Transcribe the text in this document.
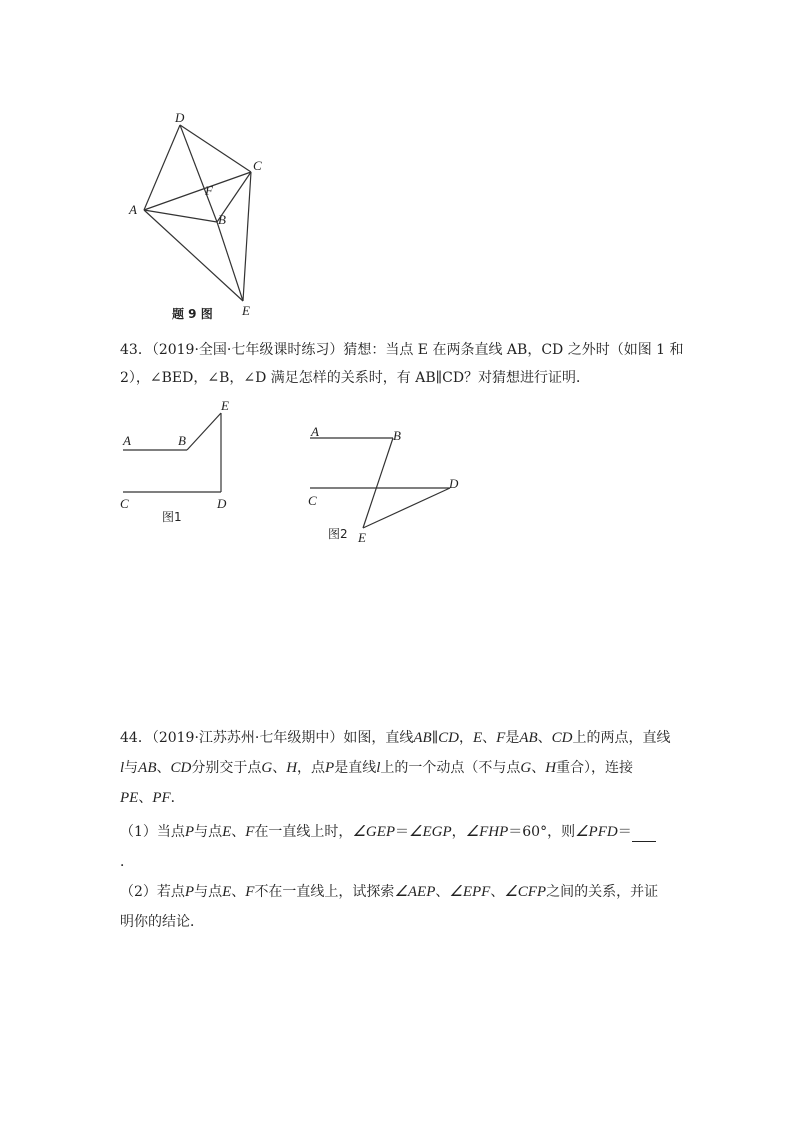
D
C
F
A
B
E
题 9 图
43．（2019·全国·七年级课时练习）猜想：当点 E 在两条直线 AB，CD 之外时（如图 1 和
2），∠BED，∠B，∠D 满足怎样的关系时，有 AB∥CD？对猜想进行证明．
A	B
E
C	D
图1
A	B
C
D
E
图2
44．（2019·江苏苏州·七年级期中）如图，直线AB∥CD，E、F是AB、CD上的两点，直线
l与AB、CD分别交于点G、H，点P是直线l上的一个动点（不与点G、H重合），连接
PE、PF．
（1）当点P与点E、F在一直线上时，∠GEP＝∠EGP，∠FHP＝60°，则∠PFD＝
．
（2）若点P与点E、F不在一直线上，试探索∠AEP、∠EPF、∠CFP之间的关系，并证
明你的结论．
